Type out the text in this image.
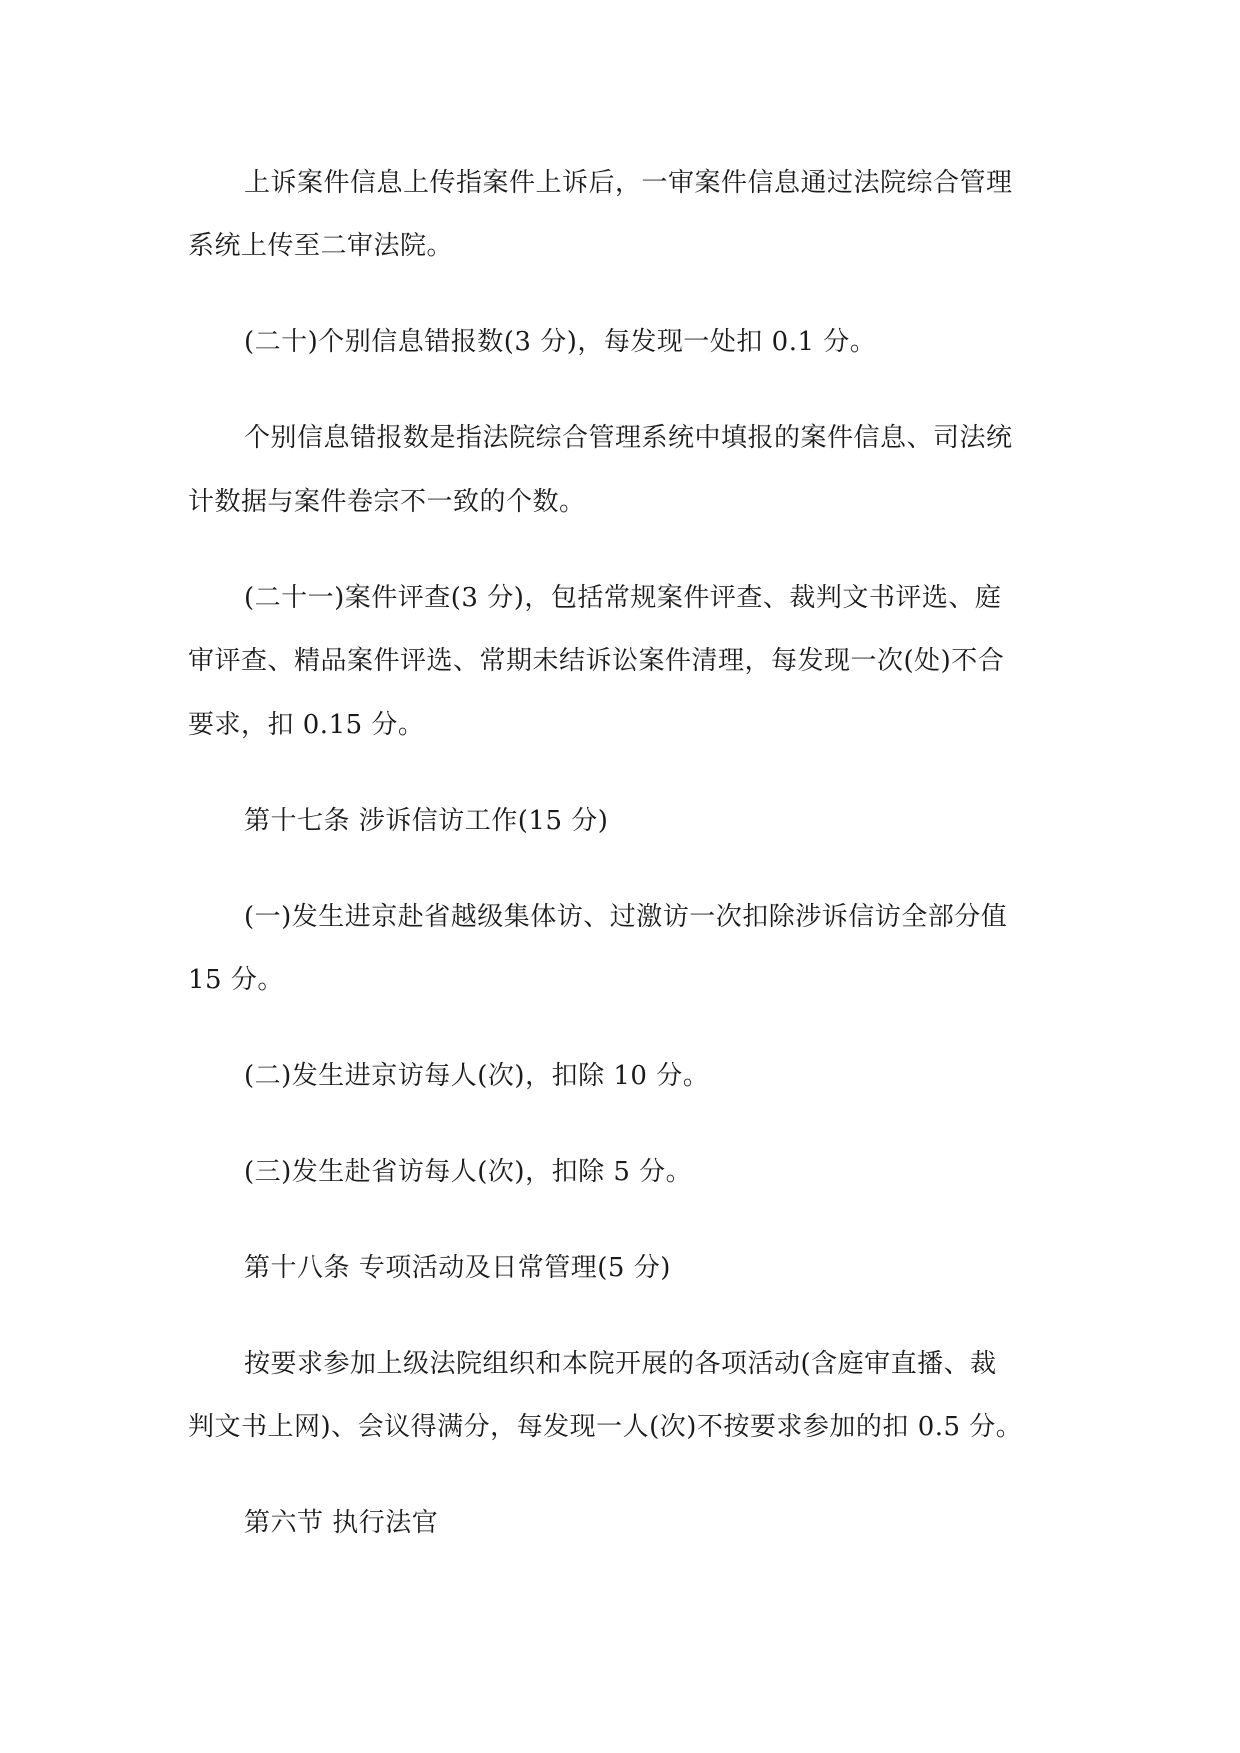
上诉案件信息上传指案件上诉后，一审案件信息通过法院综合管理
系统上传至二审法院。
(二十)个别信息错报数(3 分)，每发现一处扣 0.1 分。
个别信息错报数是指法院综合管理系统中填报的案件信息、司法统
计数据与案件卷宗不一致的个数。
(二十一)案件评查(3 分)，包括常规案件评查、裁判文书评选、庭
审评查、精品案件评选、常期未结诉讼案件清理，每发现一次(处)不合
要求，扣 0.15 分。
第十七条 涉诉信访工作(15 分)
(一)发生进京赴省越级集体访、过激访一次扣除涉诉信访全部分值
15 分。
(二)发生进京访每人(次)，扣除 10 分。
(三)发生赴省访每人(次)，扣除 5 分。
第十八条 专项活动及日常管理(5 分)
按要求参加上级法院组织和本院开展的各项活动(含庭审直播、裁
判文书上网)、会议得满分，每发现一人(次)不按要求参加的扣 0.5 分。
第六节 执行法官
